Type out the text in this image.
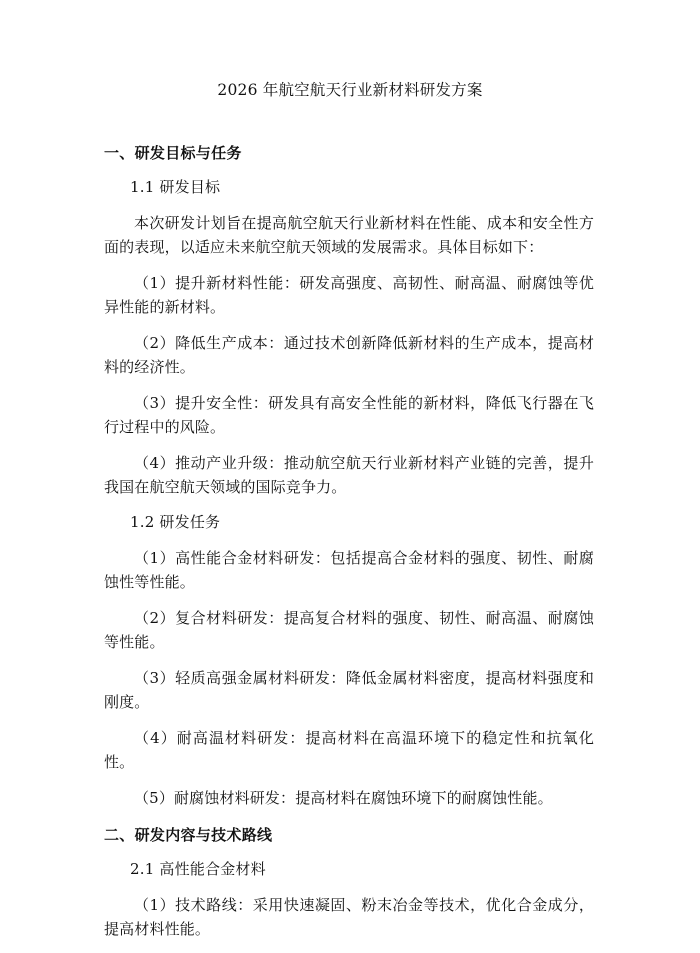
2026 年航空航天行业新材料研发方案
一、研发目标与任务
1.1 研发目标

本次研发计划旨在提高航空航天行业新材料在性能、成本和安全性方面的表现，以适应未来航空航天领域的发展需求。具体目标如下：

（1）提升新材料性能：研发高强度、高韧性、耐高温、耐腐蚀等优异性能的新材料。

（2）降低生产成本：通过技术创新降低新材料的生产成本，提高材料的经济性。

（3）提升安全性：研发具有高安全性能的新材料，降低飞行器在飞行过程中的风险。

（4）推动产业升级：推动航空航天行业新材料产业链的完善，提升我国在航空航天领域的国际竞争力。

1.2 研发任务

（1）高性能合金材料研发：包括提高合金材料的强度、韧性、耐腐蚀性等性能。

（2）复合材料研发：提高复合材料的强度、韧性、耐高温、耐腐蚀等性能。

（3）轻质高强金属材料研发：降低金属材料密度，提高材料强度和刚度。

（4）耐高温材料研发：提高材料在高温环境下的稳定性和抗氧化性。

（5）耐腐蚀材料研发：提高材料在腐蚀环境下的耐腐蚀性能。

二、研发内容与技术路线
2.1 高性能合金材料

（1）技术路线：采用快速凝固、粉末冶金等技术，优化合金成分，提高材料性能。
